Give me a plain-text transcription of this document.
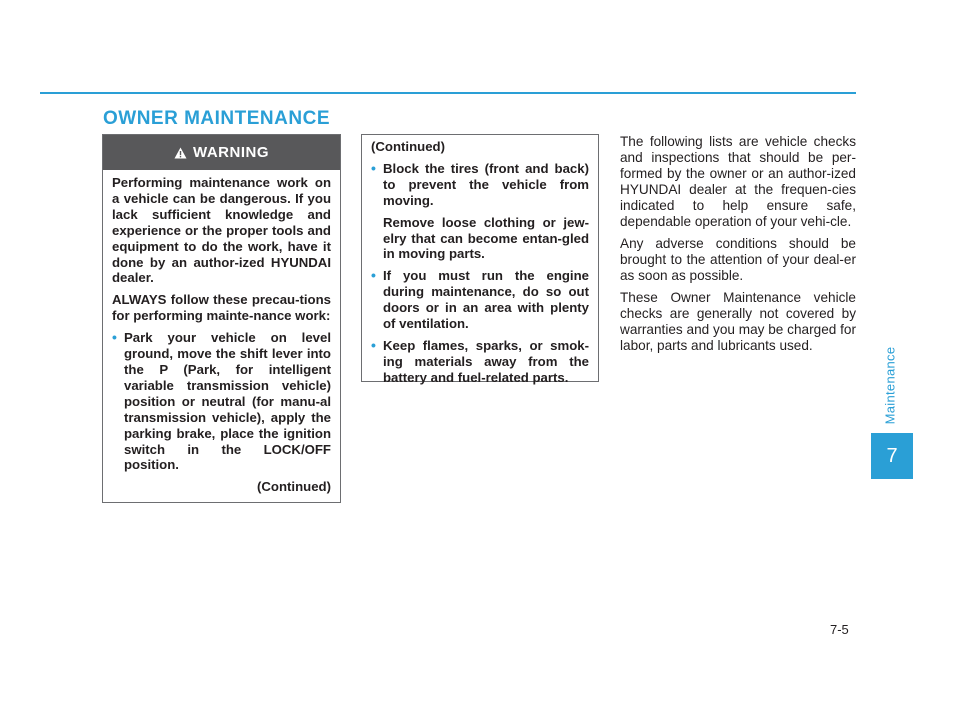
OWNER MAINTENANCE
WARNING

Performing maintenance work on a vehicle can be dangerous. If you lack sufficient knowledge and experience or the proper tools and equipment to do the work, have it done by an author-ized HYUNDAI dealer.

ALWAYS follow these precau-tions for performing mainte-nance work:

• Park your vehicle on level ground, move the shift lever into the P (Park, for intelligent variable transmission vehicle) position or neutral (for manu-al transmission vehicle), apply the parking brake, place the ignition switch in the LOCK/OFF position.

(Continued)

(Continued)

• Block the tires (front and back) to prevent the vehicle from moving.

Remove loose clothing or jew-elry that can become entan-gled in moving parts.

• If you must run the engine during maintenance, do so out doors or in an area with plenty of ventilation.
• Keep flames, sparks, or smok-ing materials away from the battery and fuel-related parts.

The following lists are vehicle checks and inspections that should be per-formed by the owner or an author-ized HYUNDAI dealer at the frequen-cies indicated to help ensure safe, dependable operation of your vehi-cle.

Any adverse conditions should be brought to the attention of your deal-er as soon as possible.

These Owner Maintenance vehicle checks are generally not covered by warranties and you may be charged for labor, parts and lubricants used.

Maintenance
7
7-5
